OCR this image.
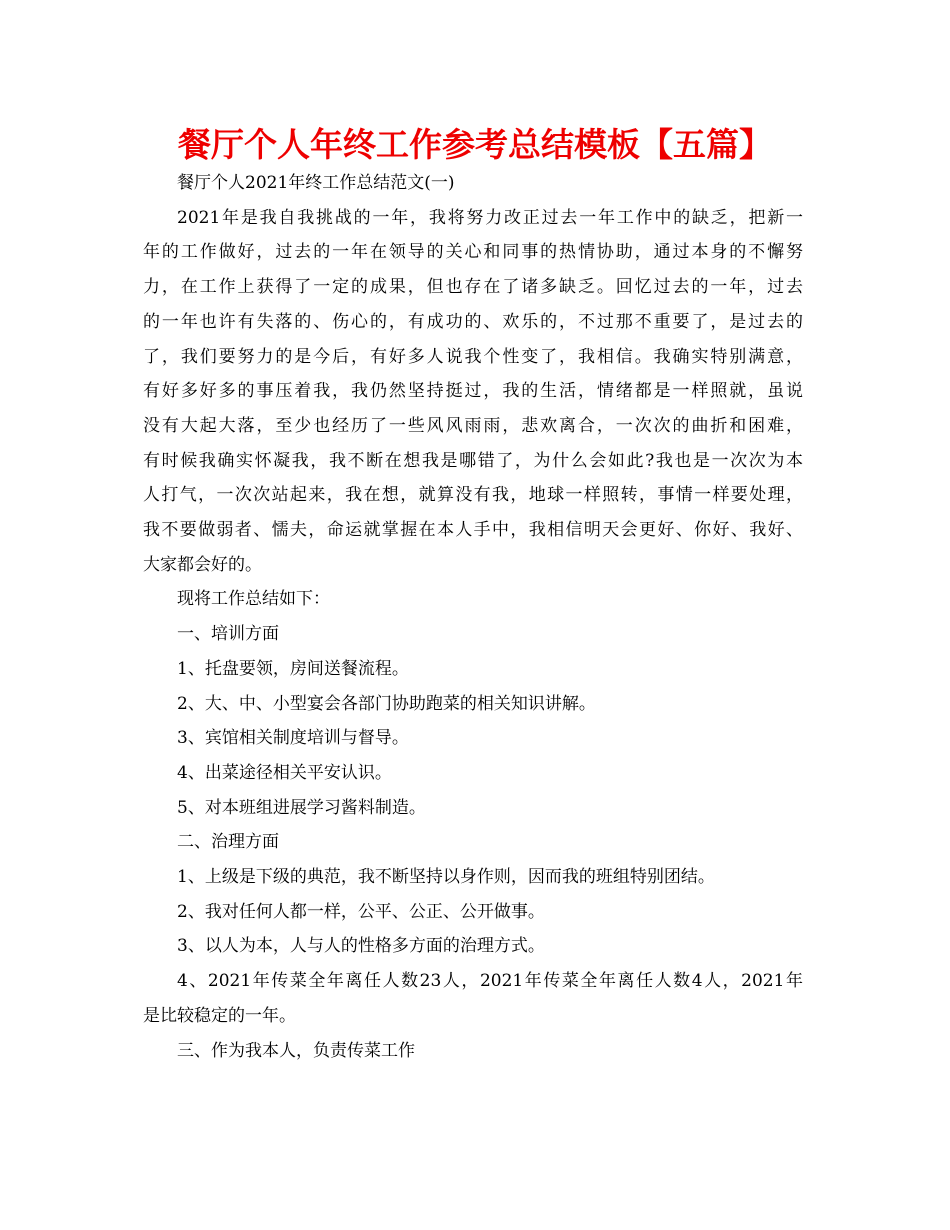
餐厅个人年终工作参考总结模板【五篇】
餐厅个人2021年终工作总结范文(一)
2021年是我自我挑战的一年，我将努力改正过去一年工作中的缺乏，把新一
年的工作做好，过去的一年在领导的关心和同事的热情协助，通过本身的不懈努
力，在工作上获得了一定的成果，但也存在了诸多缺乏。回忆过去的一年，过去
的一年也许有失落的、伤心的，有成功的、欢乐的，不过那不重要了，是过去的
了，我们要努力的是今后，有好多人说我个性变了，我相信。我确实特别满意，
有好多好多的事压着我，我仍然坚持挺过，我的生活，情绪都是一样照就，虽说
没有大起大落，至少也经历了一些风风雨雨，悲欢离合，一次次的曲折和困难，
有时候我确实怀凝我，我不断在想我是哪错了，为什么会如此?我也是一次次为本
人打气，一次次站起来，我在想，就算没有我，地球一样照转，事情一样要处理，
我不要做弱者、懦夫，命运就掌握在本人手中，我相信明天会更好、你好、我好、
大家都会好的。
现将工作总结如下：
一、培训方面
1、托盘要领，房间送餐流程。
2、大、中、小型宴会各部门协助跑菜的相关知识讲解。
3、宾馆相关制度培训与督导。
4、出菜途径相关平安认识。
5、对本班组进展学习酱料制造。
二、治理方面
1、上级是下级的典范，我不断坚持以身作则，因而我的班组特别团结。
2、我对任何人都一样，公平、公正、公开做事。
3、以人为本，人与人的性格多方面的治理方式。
4、2021年传菜全年离任人数23人，2021年传菜全年离任人数4人，2021年
是比较稳定的一年。
三、作为我本人，负责传菜工作
